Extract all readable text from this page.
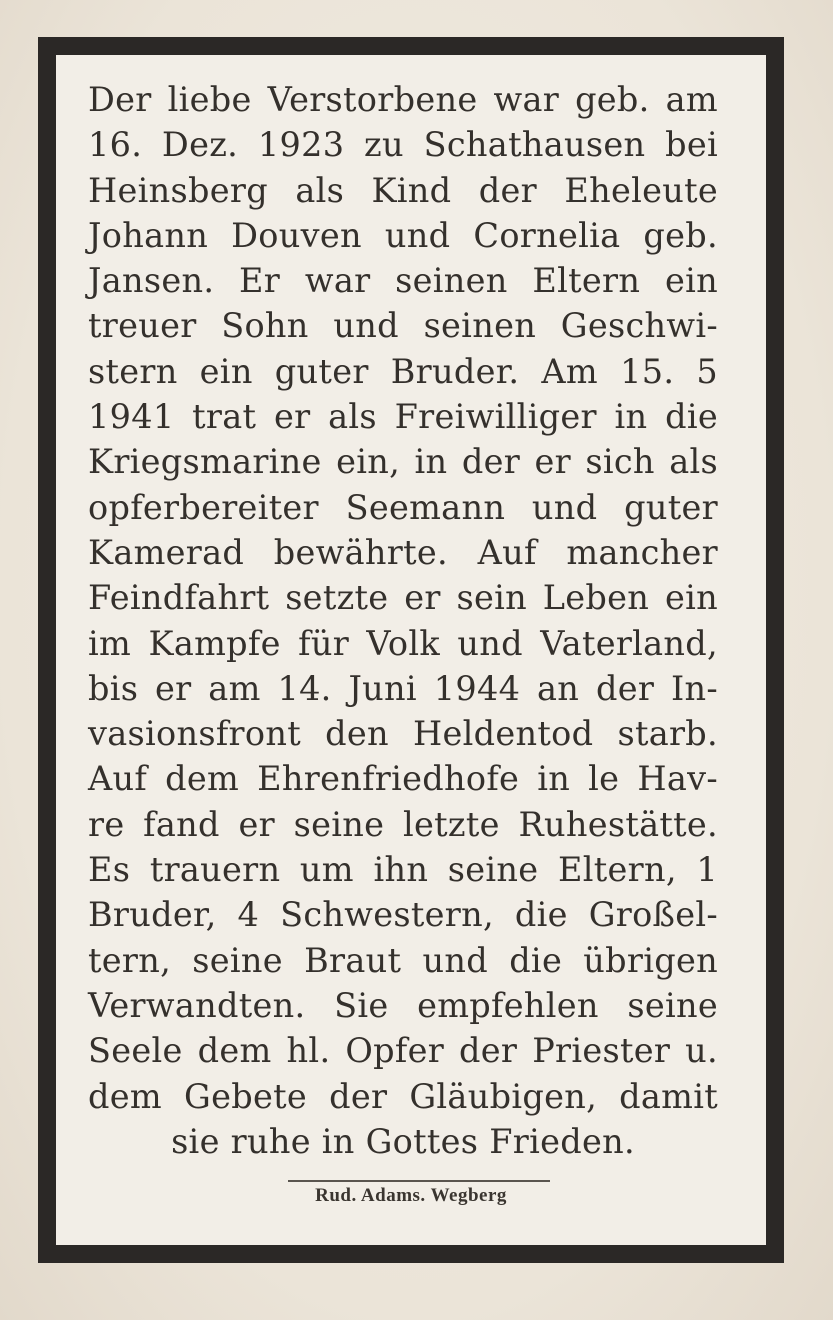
Der liebe Verstorbene war geb. am
16. Dez. 1923 zu Schathausen bei
Heinsberg als Kind der Eheleute
Johann Douven und Cornelia geb.
Jansen. Er war seinen Eltern ein
treuer Sohn und seinen Geschwi-
stern ein guter Bruder. Am 15. 5
1941 trat er als Freiwilliger in die
Kriegsmarine ein, in der er sich als
opferbereiter Seemann und guter
Kamerad bewährte. Auf mancher
Feindfahrt setzte er sein Leben ein
im Kampfe für Volk und Vaterland,
bis er am 14. Juni 1944 an der In-
vasionsfront den Heldentod starb.
Auf dem Ehrenfriedhofe in le Hav-
re fand er seine letzte Ruhestätte.
Es trauern um ihn seine Eltern, 1
Bruder, 4 Schwestern, die Großel-
tern, seine Braut und die übrigen
Verwandten. Sie empfehlen seine
Seele dem hl. Opfer der Priester u.
dem Gebete der Gläubigen, damit
sie ruhe in Gottes Frieden.
Rud. Adams. Wegberg
